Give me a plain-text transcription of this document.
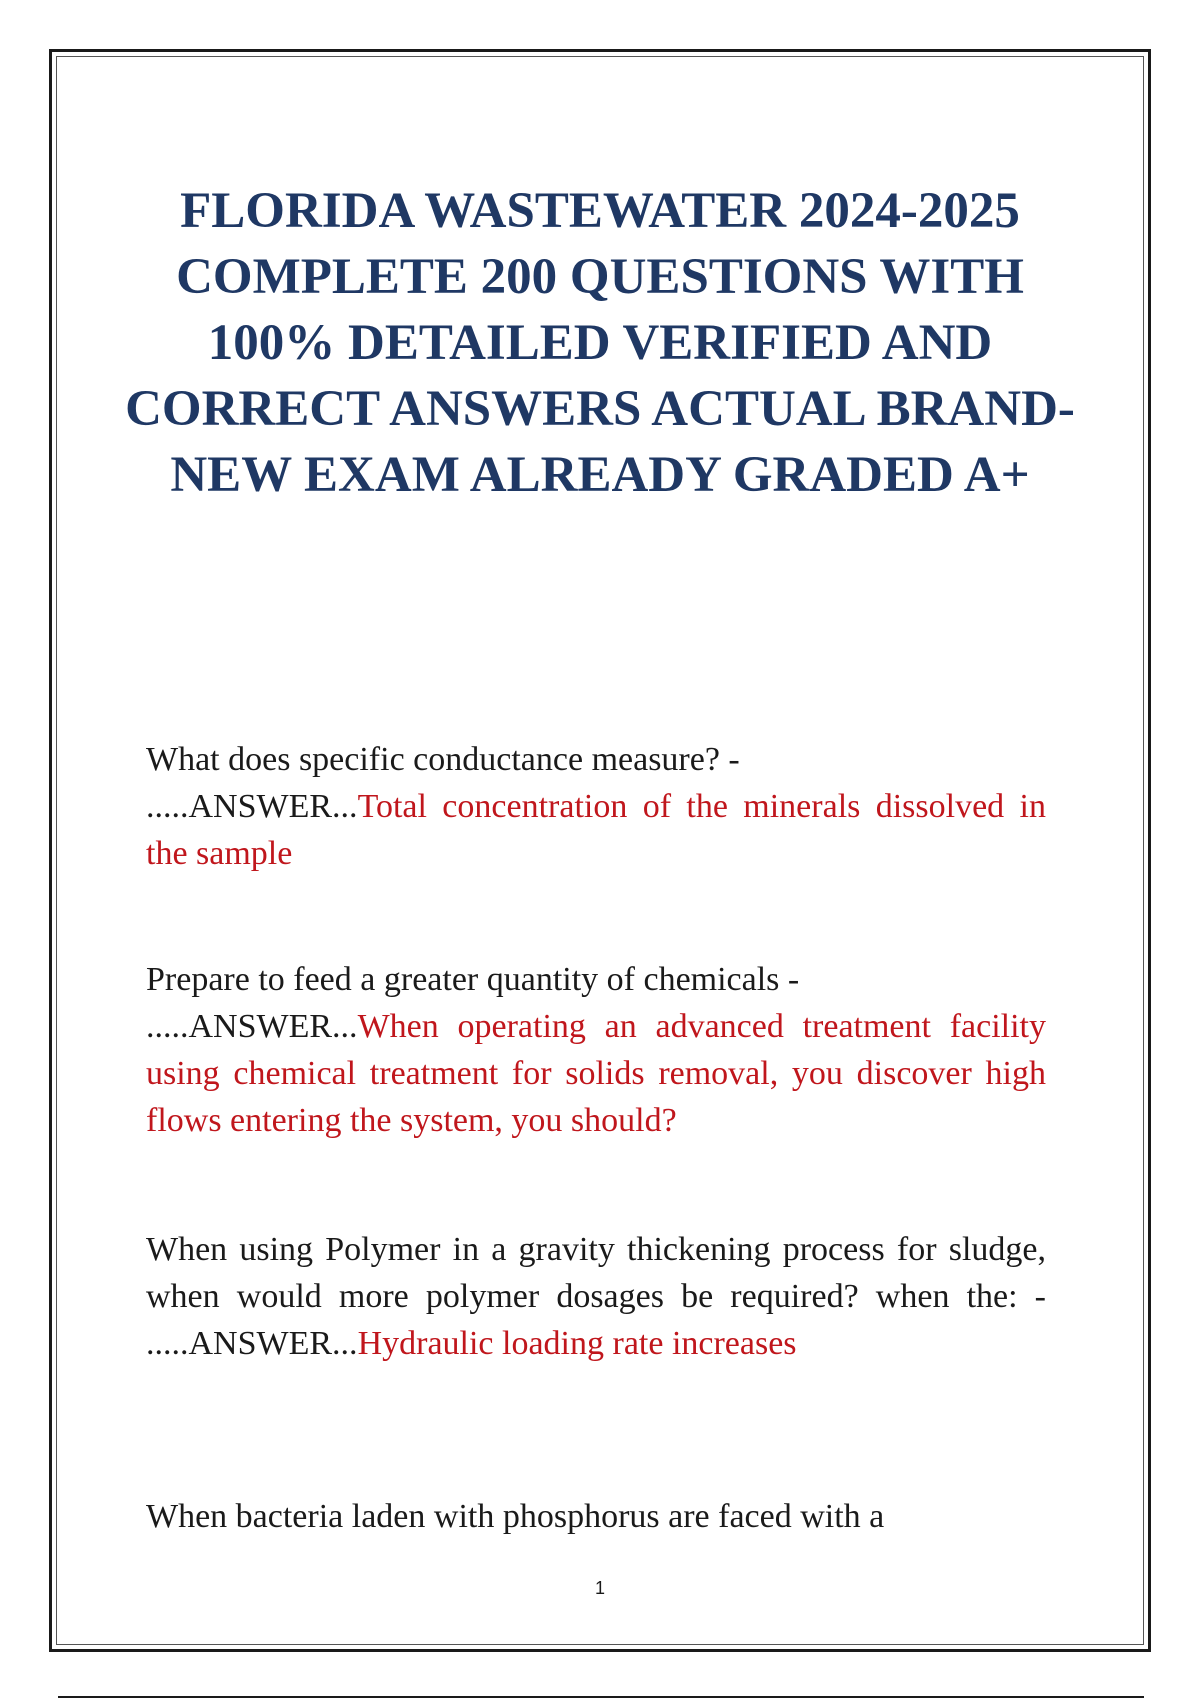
FLORIDA WASTEWATER 2024-2025 COMPLETE 200 QUESTIONS WITH 100% DETAILED VERIFIED AND CORRECT ANSWERS ACTUAL BRAND-NEW EXAM ALREADY GRADED A+

What does specific conductance measure? -
.....ANSWER...Total concentration of the minerals dissolved in the sample

Prepare to feed a greater quantity of chemicals -
.....ANSWER...When operating an advanced treatment facility using chemical treatment for solids removal, you discover high flows entering the system, you should?

When using Polymer in a gravity thickening process for sludge, when would more polymer dosages be required? when the: - .....ANSWER...Hydraulic loading rate increases

When bacteria laden with phosphorus are faced with a

1
